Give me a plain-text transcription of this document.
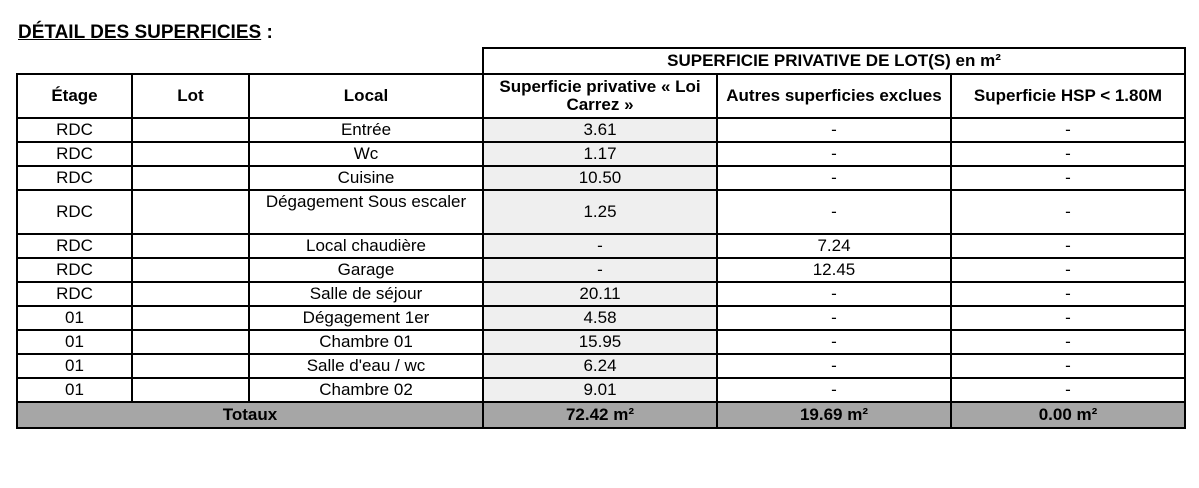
DÉTAIL DES SUPERFICIES :
			SUPERFICIE PRIVATIVE DE LOT(S) en m²		
Étage	Lot	Local	Superficie privative « Loi Carrez »	Autres superficies exclues	Superficie HSP < 1.80M
RDC		Entrée	3.61	-	-
RDC		Wc	1.17	-	-
RDC		Cuisine	10.50	-	-
RDC		Dégagement Sous escaler	1.25	-	-
RDC		Local chaudière	-	7.24	-
RDC		Garage	-	12.45	-
RDC		Salle de séjour	20.11	-	-
01		Dégagement 1er	4.58	-	-
01		Chambre 01	15.95	-	-
01		Salle d'eau / wc	6.24	-	-
01		Chambre 02	9.01	-	-
Totaux			72.42 m²	19.69 m²	0.00 m²
